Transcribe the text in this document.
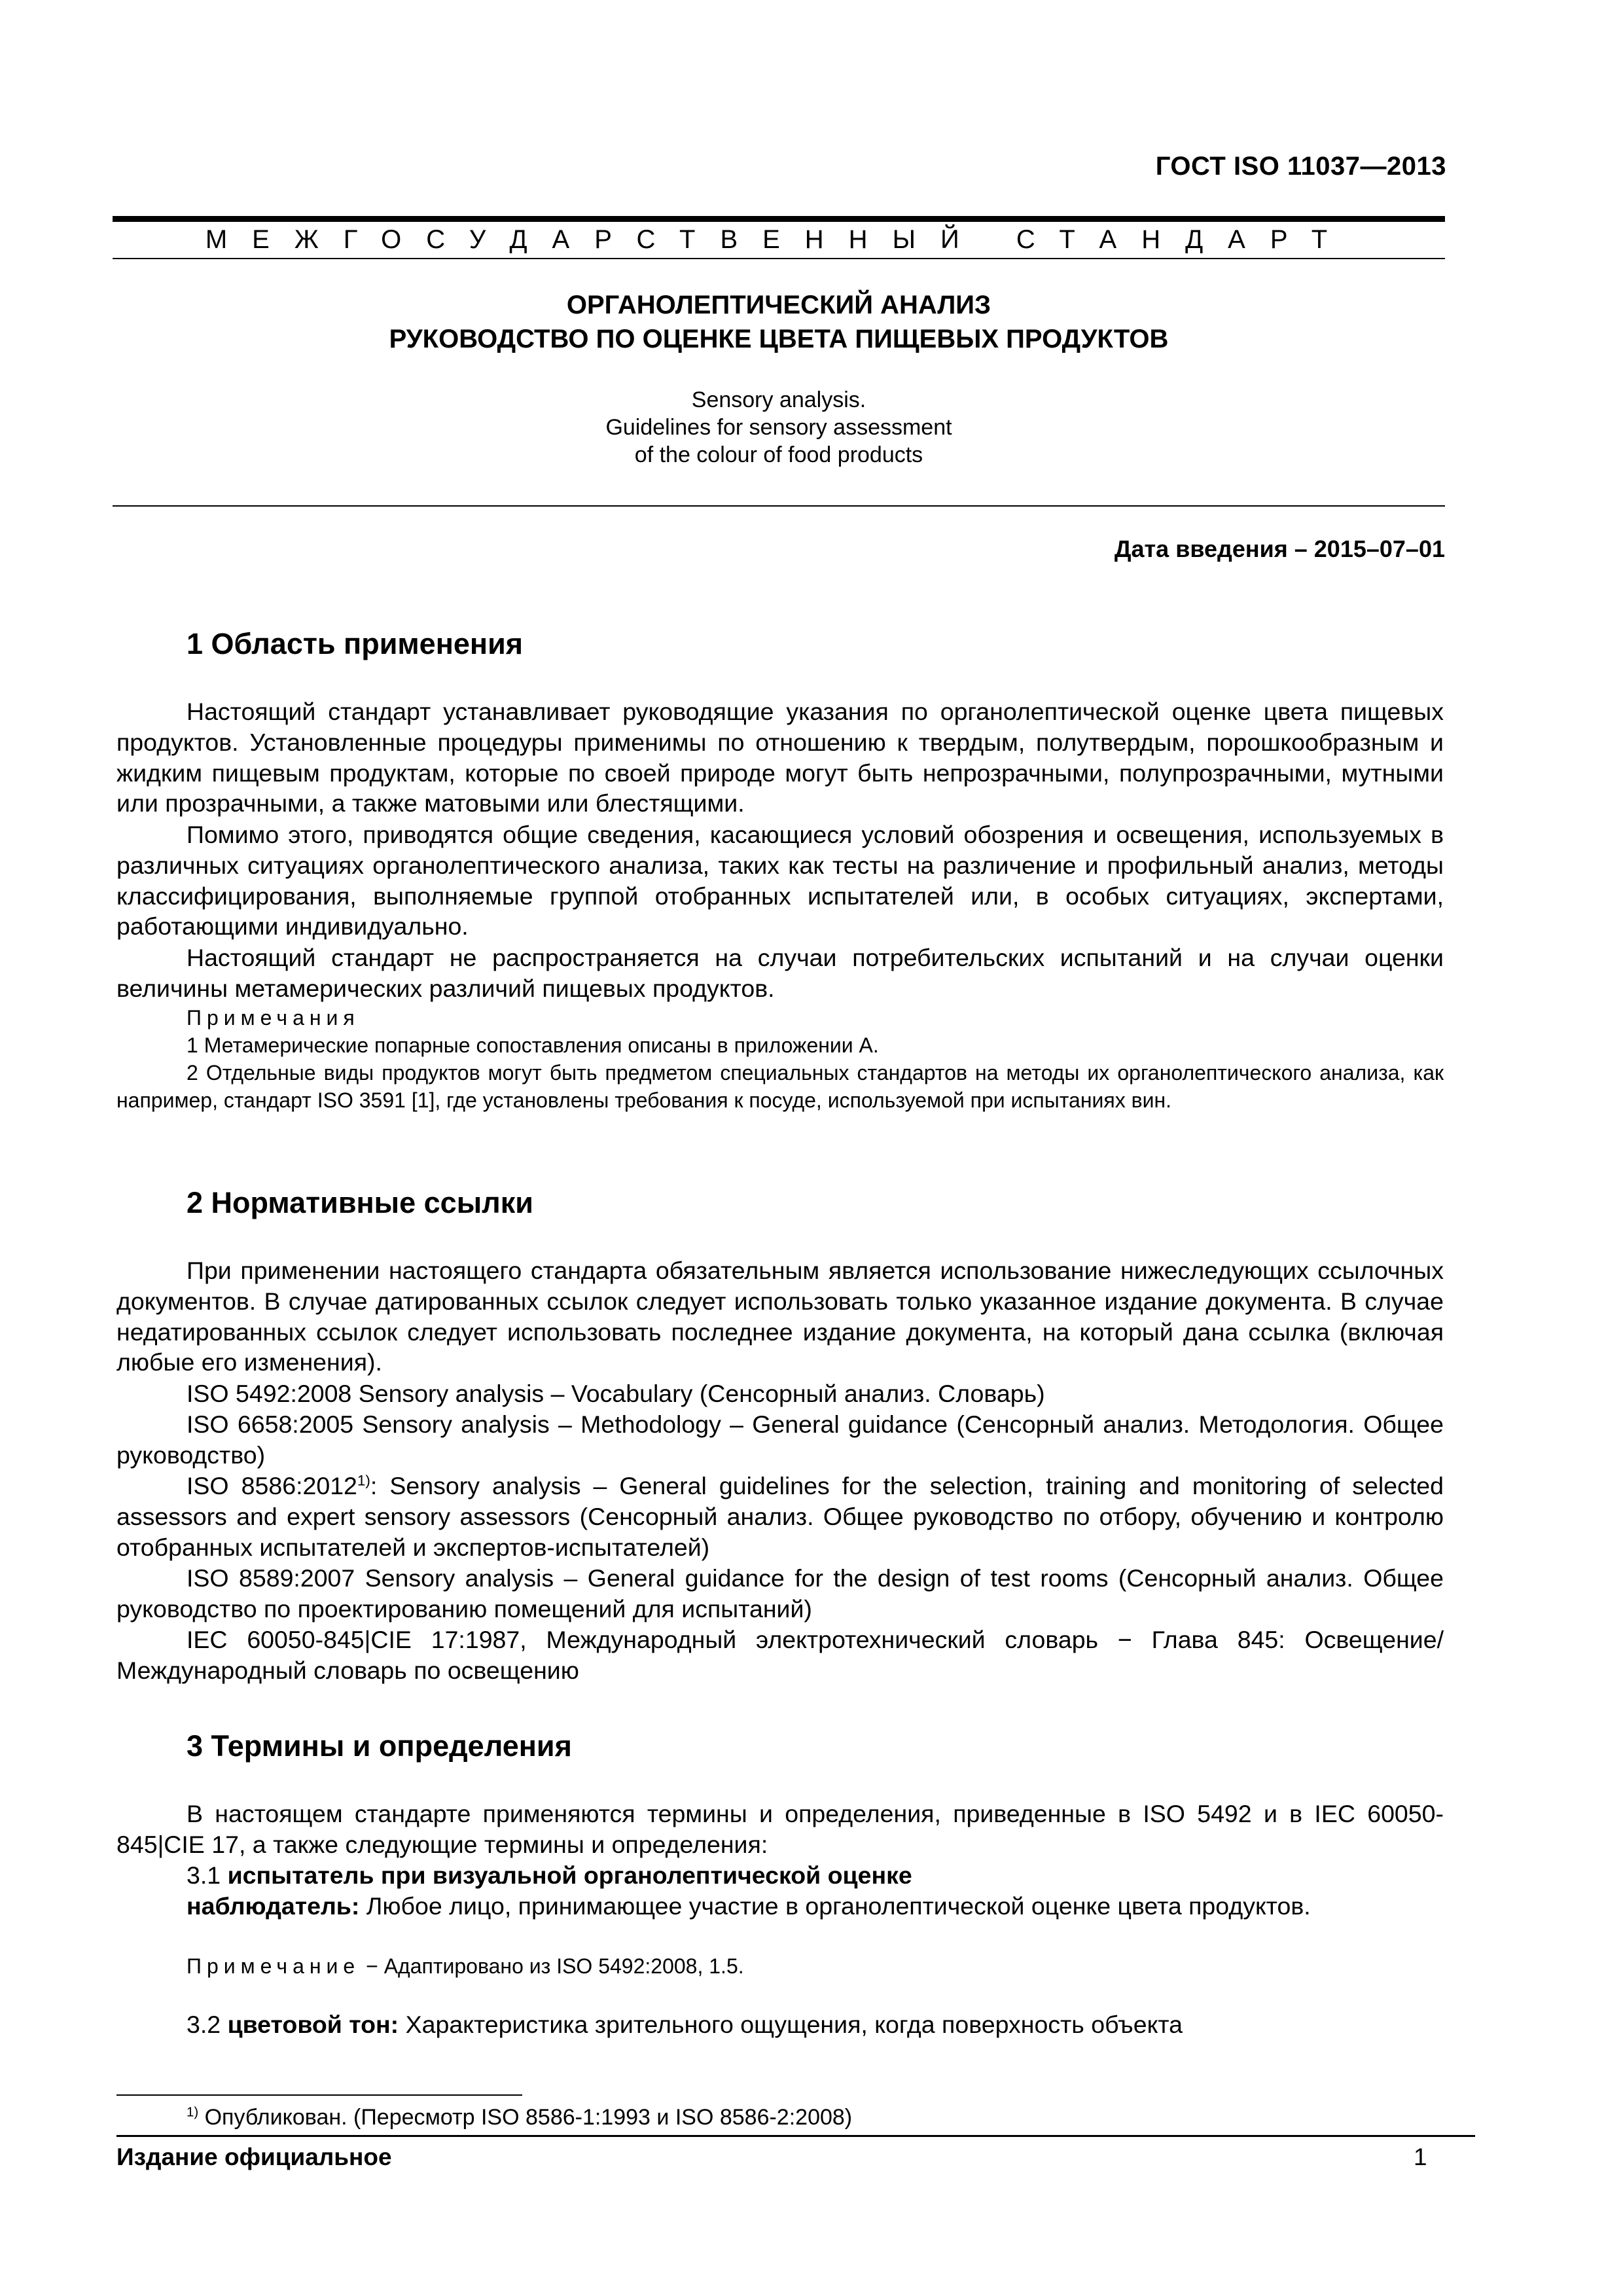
ГОСТ ISO 11037—2013
МЕЖГОСУДАРСТВЕННЫЙ СТАНДАРТ
ОРГАНОЛЕПТИЧЕСКИЙ АНАЛИЗ
РУКОВОДСТВО ПО ОЦЕНКЕ ЦВЕТА ПИЩЕВЫХ ПРОДУКТОВ
Sensory analysis.
Guidelines for sensory assessment
of the colour of food products
Дата введения – 2015–07–01
1 Область применения

Настоящий стандарт устанавливает руководящие указания по органолептической оценке цвета пищевых продуктов. Установленные процедуры применимы по отношению к твердым, полутвердым, порошкообразным и жидким пищевым продуктам, которые по своей природе могут быть непрозрачными, полупрозрачными, мутными или прозрачными, а также матовыми или блестящими.

Помимо этого, приводятся общие сведения, касающиеся условий обозрения и освещения, используемых в различных ситуациях органолептического анализа, таких как тесты на различение и профильный анализ, методы классифицирования, выполняемые группой отобранных испытателей или, в особых ситуациях, экспертами, работающими индивидуально.

Настоящий стандарт не распространяется на случаи потребительских испытаний и на случаи оценки величины метамерических различий пищевых продуктов.

Примечания

1 Метамерические попарные сопоставления описаны в приложении А.

2 Отдельные виды продуктов могут быть предметом специальных стандартов на методы их органолептического анализа, как например, стандарт ISO 3591 [1], где установлены требования к посуде, используемой при испытаниях вин.

2 Нормативные ссылки

При применении настоящего стандарта обязательным является использование нижеследующих ссылочных документов. В случае датированных ссылок следует использовать только указанное издание документа. В случае недатированных ссылок следует использовать последнее издание документа, на который дана ссылка (включая любые его изменения).

ISO 5492:2008 Sensory analysis – Vocabulary (Сенсорный анализ. Словарь)

ISO 6658:2005 Sensory analysis – Methodology – General guidance (Сенсорный анализ. Методология. Общее руководство)

ISO 8586:2012$^{1)}$: Sensory analysis – General guidelines for the selection, training and monitoring of selected assessors and expert sensory assessors (Сенсорный анализ. Общее руководство по отбору, обучению и контролю отобранных испытателей и экспертов-испытателей)

ISO 8589:2007 Sensory analysis – General guidance for the design of test rooms (Сенсорный анализ. Общее руководство по проектированию помещений для испытаний)

IEC 60050-845|CIE 17:1987, Международный электротехнический словарь − Глава 845: Освещение/Международный словарь по освещению

3 Термины и определения

В настоящем стандарте применяются термины и определения, приведенные в ISO 5492 и в IEC 60050-845|CIE 17, а также следующие термины и определения:

3.1 испытатель при визуальной органолептической оценке

наблюдатель: Любое лицо, принимающее участие в органолептической оценке цвета продуктов.

Примечание − Адаптировано из ISO 5492:2008, 1.5.

3.2 цветовой тон: Характеристика зрительного ощущения, когда поверхность объекта

$^{1)}$ Опубликован. (Пересмотр ISO 8586-1:1993 и ISO 8586-2:2008)
Издание официальное	1
